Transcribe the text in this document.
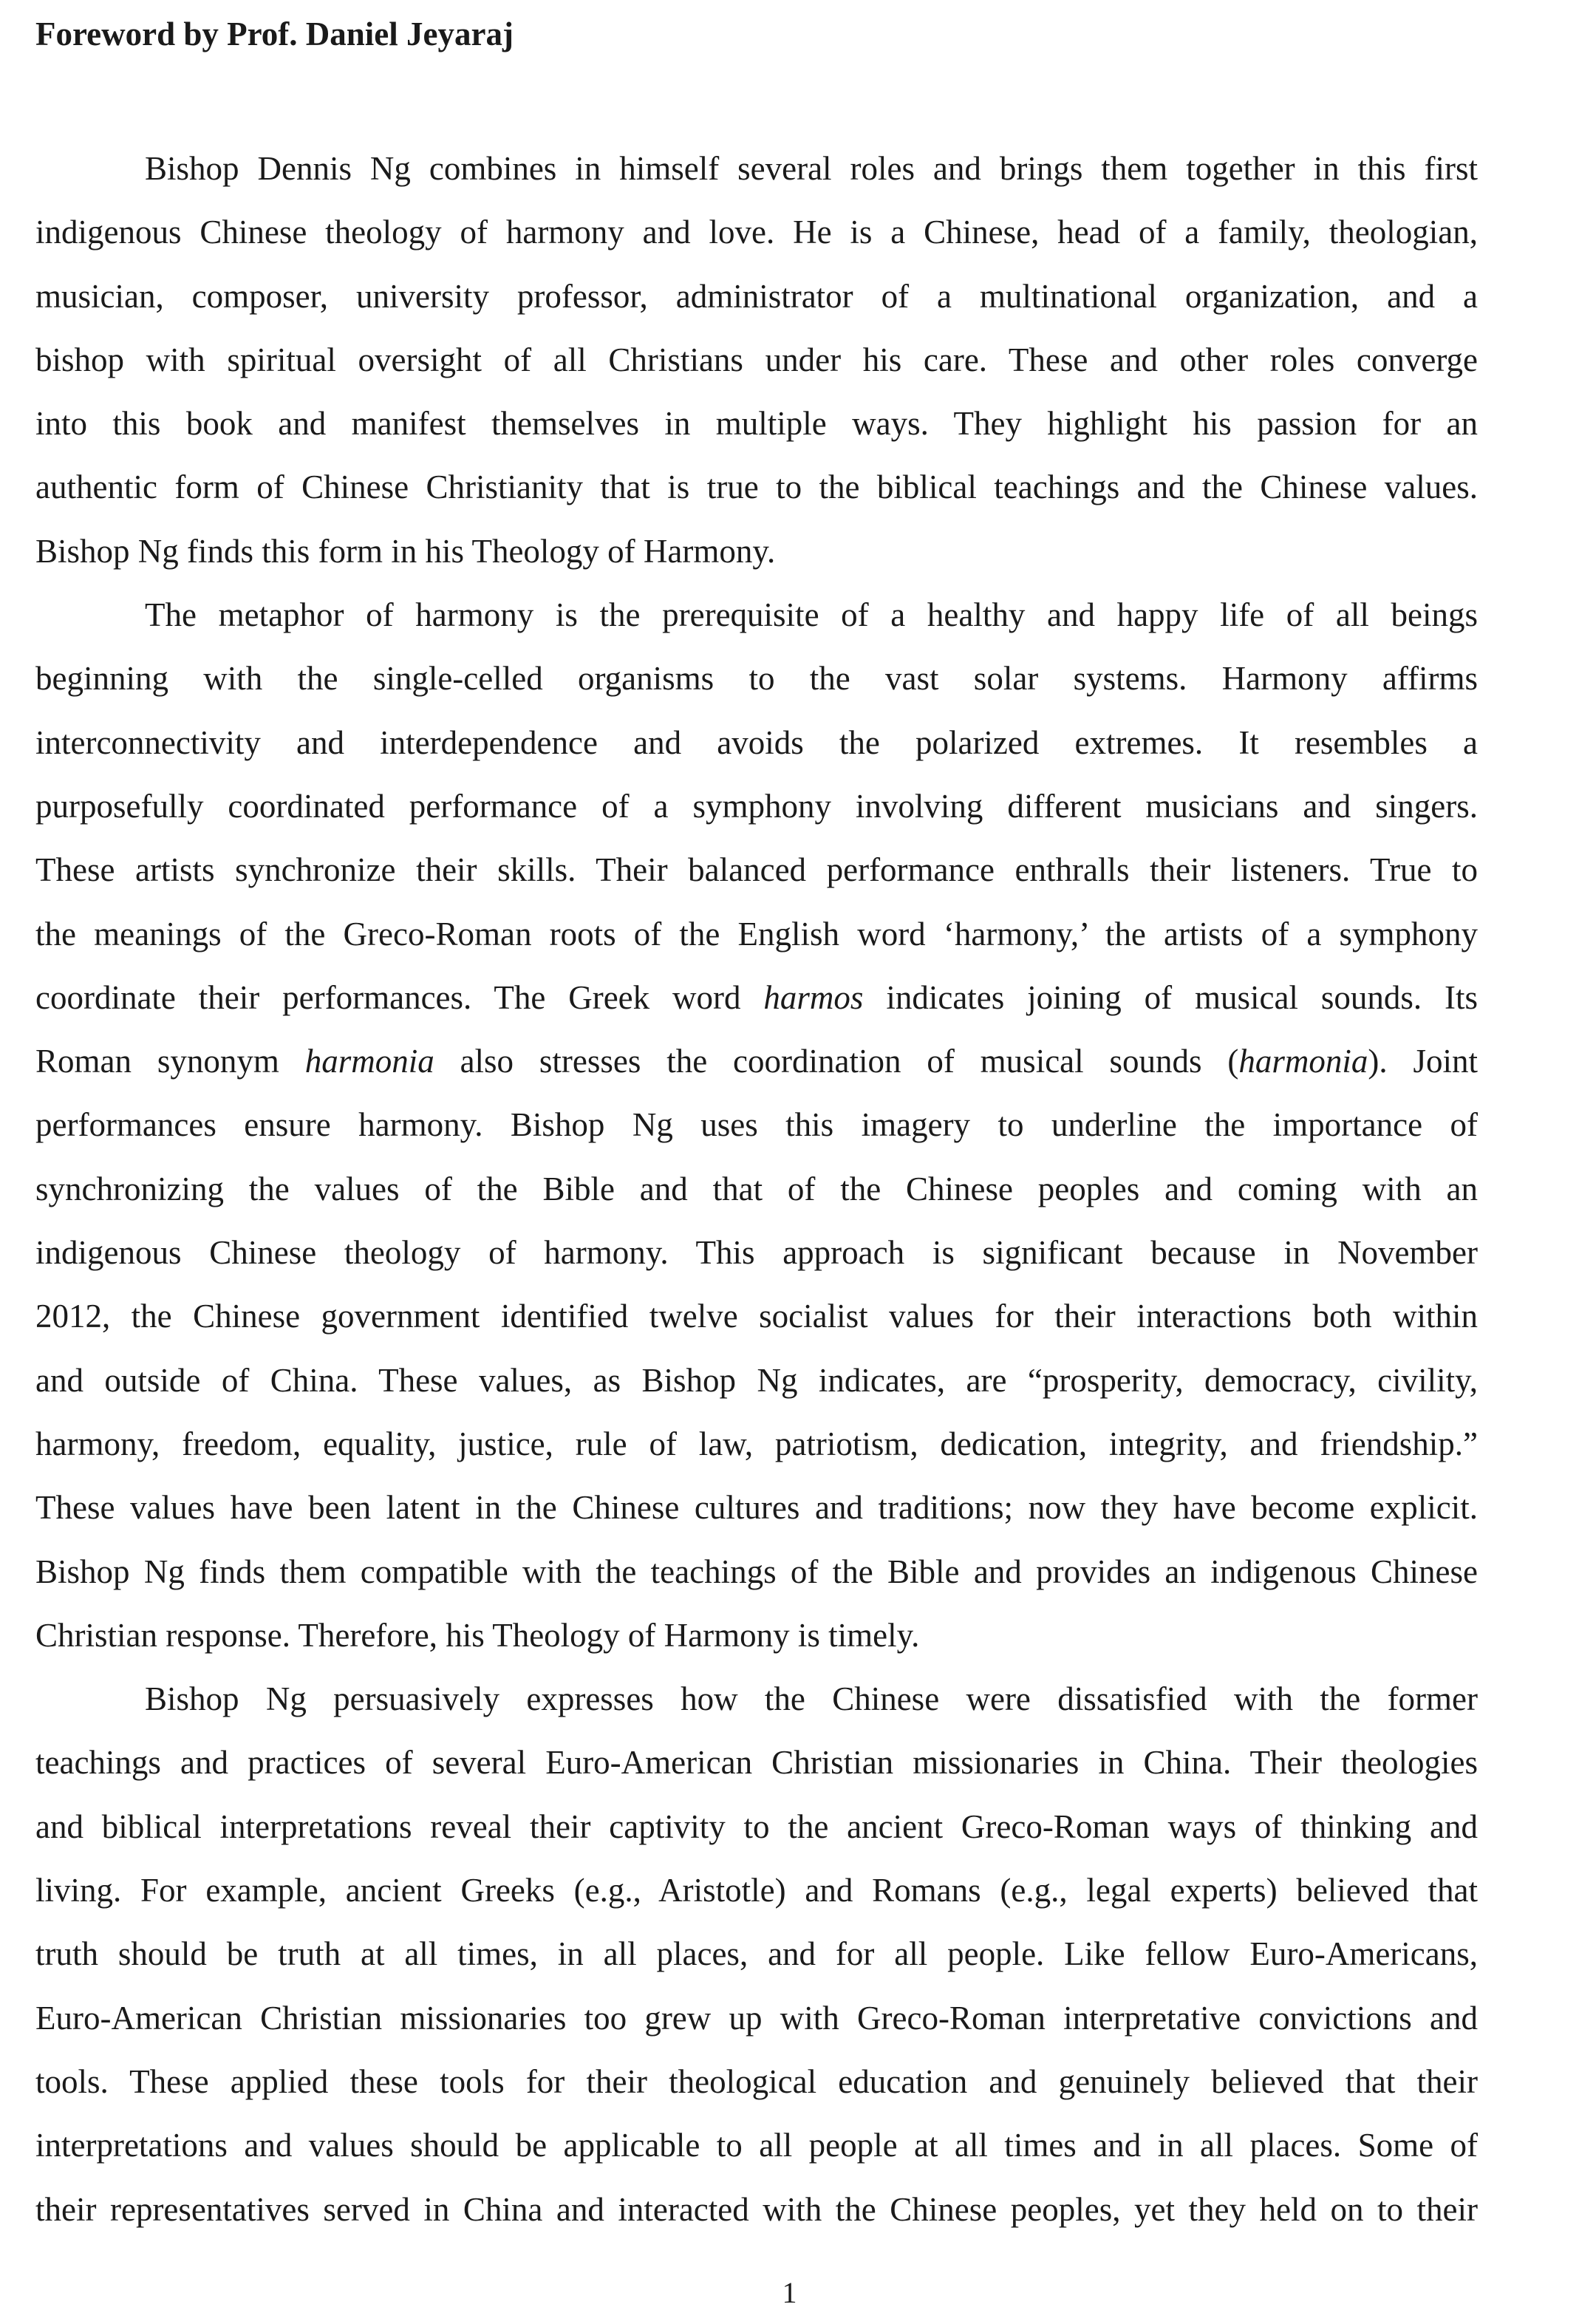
Foreword by Prof. Daniel Jeyaraj

Bishop Dennis Ng combines in himself several roles and brings them together in this first
indigenous Chinese theology of harmony and love. He is a Chinese, head of a family, theologian,
musician, composer, university professor, administrator of a multinational organization, and a
bishop with spiritual oversight of all Christians under his care. These and other roles converge
into this book and manifest themselves in multiple ways. They highlight his passion for an
authentic form of Chinese Christianity that is true to the biblical teachings and the Chinese values.
Bishop Ng finds this form in his Theology of Harmony.

The metaphor of harmony is the prerequisite of a healthy and happy life of all beings
beginning with the single-celled organisms to the vast solar systems. Harmony affirms
interconnectivity and interdependence and avoids the polarized extremes. It resembles a
purposefully coordinated performance of a symphony involving different musicians and singers.
These artists synchronize their skills. Their balanced performance enthralls their listeners. True to
the meanings of the Greco-Roman roots of the English word ‘harmony,’ the artists of a symphony
coordinate their performances. The Greek word harmos indicates joining of musical sounds. Its
Roman synonym harmonia also stresses the coordination of musical sounds (harmonia). Joint
performances ensure harmony. Bishop Ng uses this imagery to underline the importance of
synchronizing the values of the Bible and that of the Chinese peoples and coming with an
indigenous Chinese theology of harmony. This approach is significant because in November
2012, the Chinese government identified twelve socialist values for their interactions both within
and outside of China. These values, as Bishop Ng indicates, are “prosperity, democracy, civility,
harmony, freedom, equality, justice, rule of law, patriotism, dedication, integrity, and friendship.”
These values have been latent in the Chinese cultures and traditions; now they have become explicit.
Bishop Ng finds them compatible with the teachings of the Bible and provides an indigenous Chinese
Christian response. Therefore, his Theology of Harmony is timely.

Bishop Ng persuasively expresses how the Chinese were dissatisfied with the former
teachings and practices of several Euro-American Christian missionaries in China. Their theologies
and biblical interpretations reveal their captivity to the ancient Greco-Roman ways of thinking and
living. For example, ancient Greeks (e.g., Aristotle) and Romans (e.g., legal experts) believed that
truth should be truth at all times, in all places, and for all people. Like fellow Euro-Americans,
Euro-American Christian missionaries too grew up with Greco-Roman interpretative convictions and
tools. These applied these tools for their theological education and genuinely believed that their
interpretations and values should be applicable to all people at all times and in all places. Some of
their representatives served in China and interacted with the Chinese peoples, yet they held on to their

1
